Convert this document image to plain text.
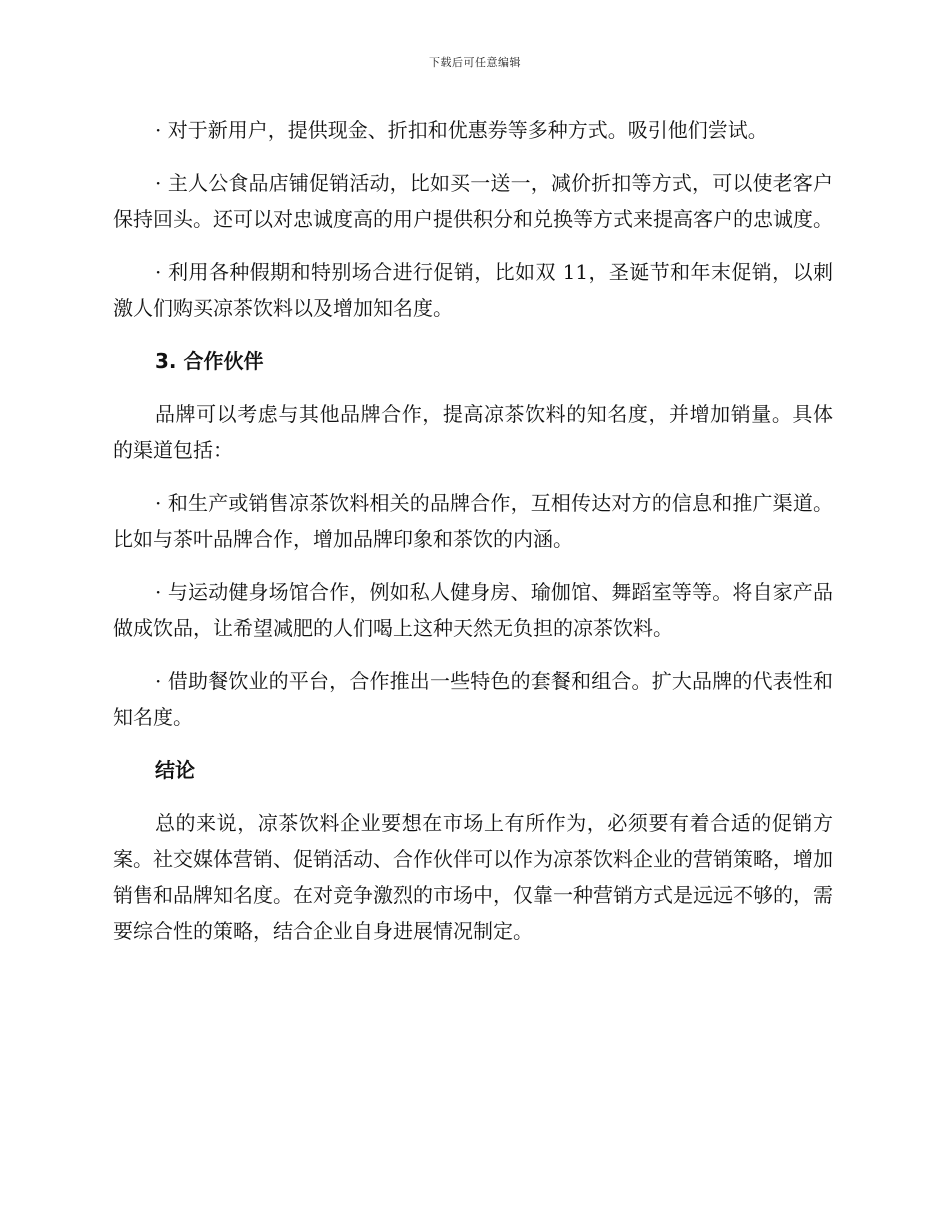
下载后可任意编辑

· 对于新用户，提供现金、折扣和优惠券等多种方式。吸引他们尝试。

· 主人公食品店铺促销活动，比如买一送一，减价折扣等方式，可以使老客户保持回头。还可以对忠诚度高的用户提供积分和兑换等方式来提高客户的忠诚度。

· 利用各种假期和特别场合进行促销，比如双 11，圣诞节和年末促销，以刺激人们购买凉茶饮料以及增加知名度。

3. 合作伙伴

品牌可以考虑与其他品牌合作，提高凉茶饮料的知名度，并增加销量。具体的渠道包括：

· 和生产或销售凉茶饮料相关的品牌合作，互相传达对方的信息和推广渠道。比如与茶叶品牌合作，增加品牌印象和茶饮的内涵。

· 与运动健身场馆合作，例如私人健身房、瑜伽馆、舞蹈室等等。将自家产品做成饮品，让希望减肥的人们喝上这种天然无负担的凉茶饮料。

· 借助餐饮业的平台，合作推出一些特色的套餐和组合。扩大品牌的代表性和知名度。

结论

总的来说，凉茶饮料企业要想在市场上有所作为，必须要有着合适的促销方案。社交媒体营销、促销活动、合作伙伴可以作为凉茶饮料企业的营销策略，增加销售和品牌知名度。在对竞争激烈的市场中，仅靠一种营销方式是远远不够的，需要综合性的策略，结合企业自身进展情况制定。
